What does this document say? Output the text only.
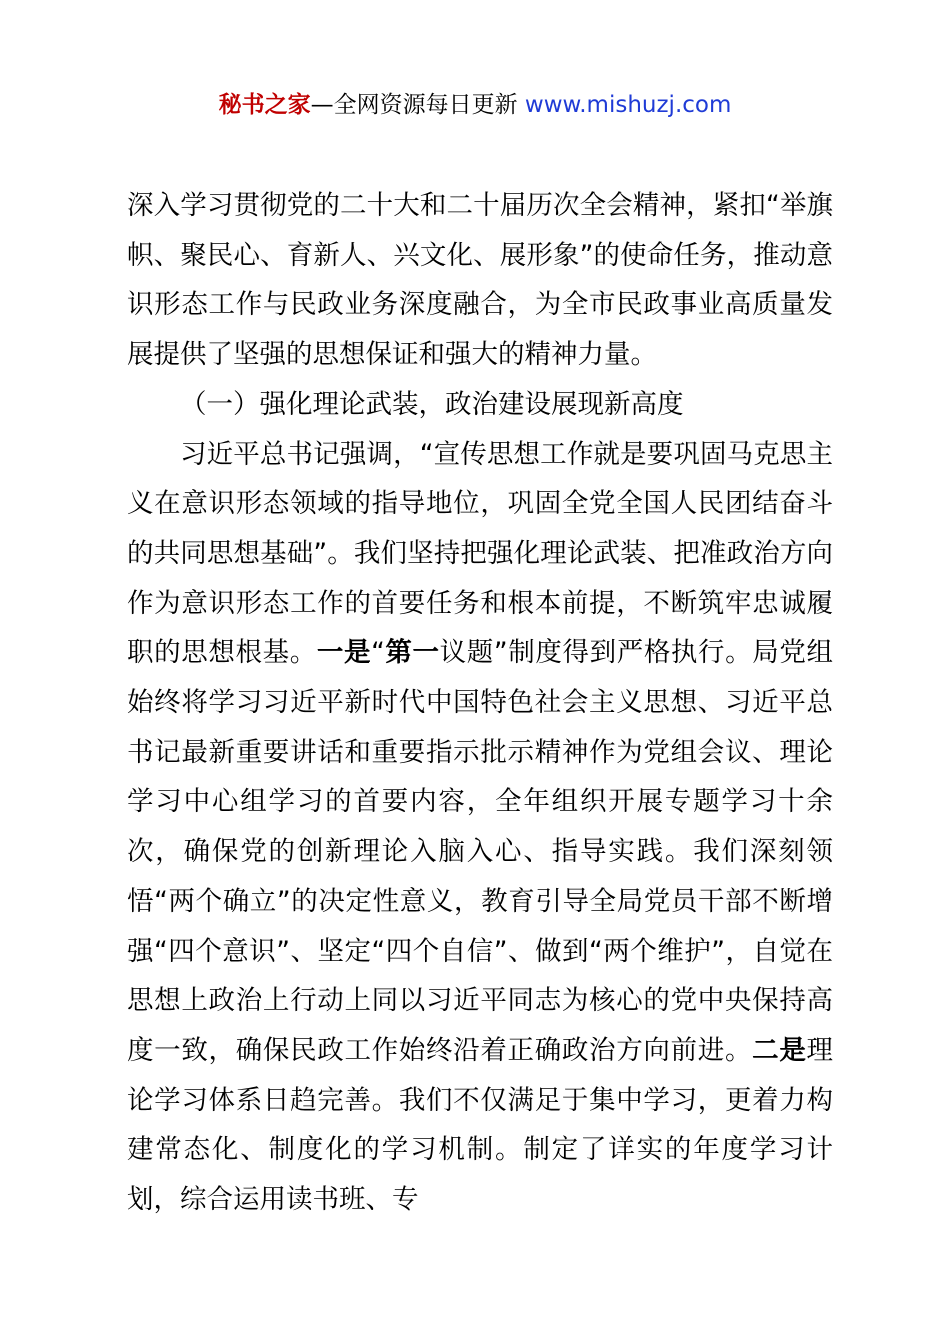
秘书之家—全网资源每日更新 www.mishuzj.com

深入学习贯彻党的二十大和二十届历次全会精神，紧扣“举旗帜、聚民心、育新人、兴文化、展形象”的使命任务，推动意识形态工作与民政业务深度融合，为全市民政事业高质量发展提供了坚强的思想保证和强大的精神力量。

（一）强化理论武装，政治建设展现新高度

习近平总书记强调，“宣传思想工作就是要巩固马克思主义在意识形态领域的指导地位，巩固全党全国人民团结奋斗的共同思想基础”。我们坚持把强化理论武装、把准政治方向作为意识形态工作的首要任务和根本前提，不断筑牢忠诚履职的思想根基。一是“第一议题”制度得到严格执行。局党组始终将学习习近平新时代中国特色社会主义思想、习近平总书记最新重要讲话和重要指示批示精神作为党组会议、理论学习中心组学习的首要内容，全年组织开展专题学习十余次，确保党的创新理论入脑入心、指导实践。我们深刻领悟“两个确立”的决定性意义，教育引导全局党员干部不断增强“四个意识”、坚定“四个自信”、做到“两个维护”，自觉在思想上政治上行动上同以习近平同志为核心的党中央保持高度一致，确保民政工作始终沿着正确政治方向前进。二是理论学习体系日趋完善。我们不仅满足于集中学习，更着力构建常态化、制度化的学习机制。制定了详实的年度学习计划，综合运用读书班、专
